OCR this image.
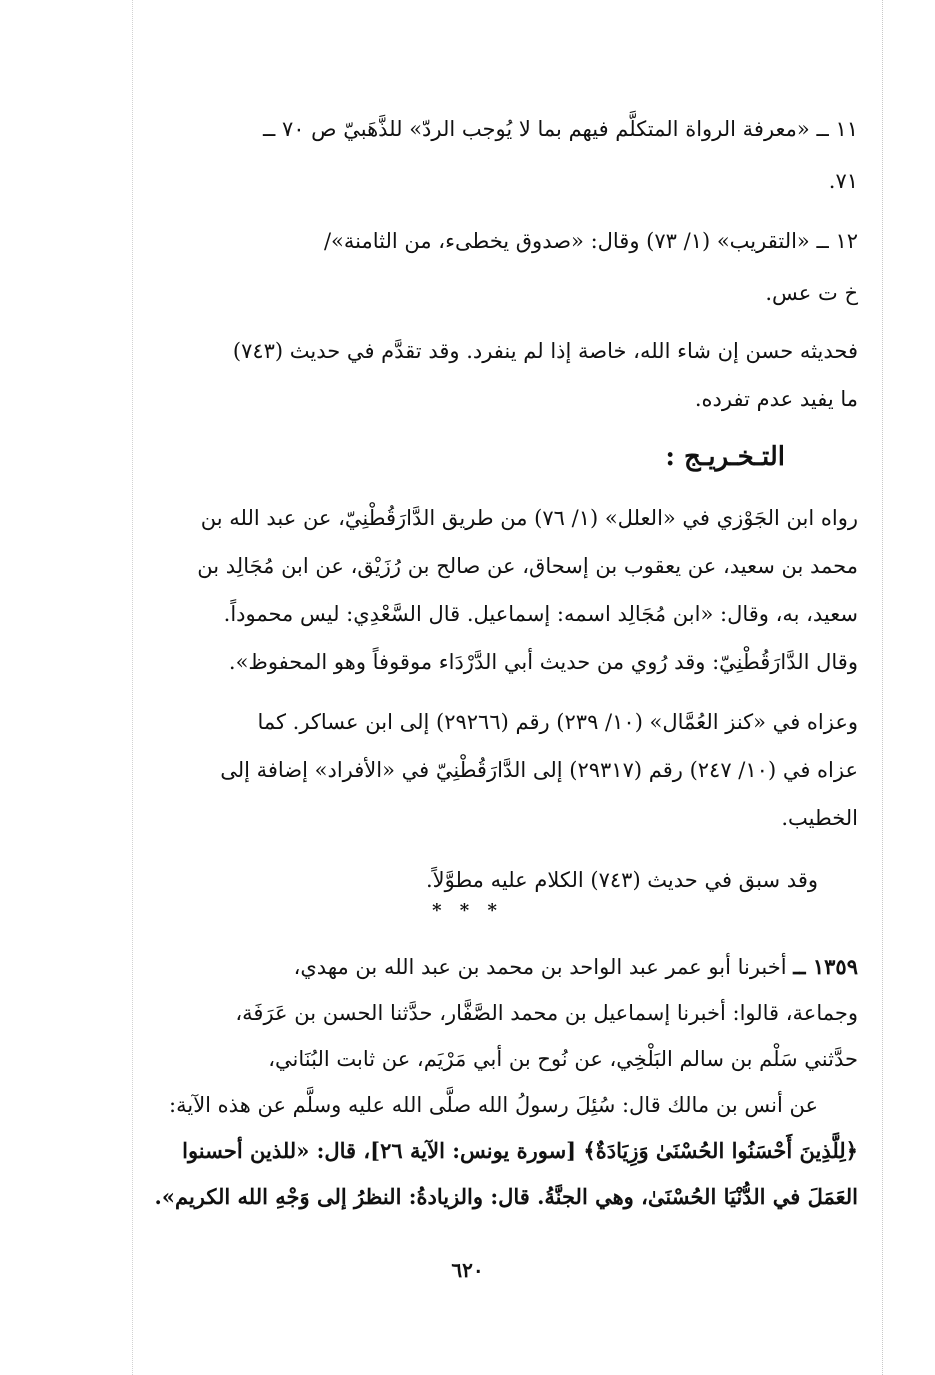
١١ ــ «معرفة الرواة المتكلَّم فيهم بما لا يُوجب الردّ» للذَّهَبيّ ص ٧٠ ــ
٧١.

١٢ ــ «التقريب» (١/ ٧٣) وقال: «صدوق يخطىء، من الثامنة»/
خ ت عس.

فحديثه حسن إن شاء الله، خاصة إذا لم ينفرد. وقد تقدَّم في حديث (٧٤٣)
ما يفيد عدم تفرده.

التـخـريـج :

رواه ابن الجَوْزي في «العلل» (١/ ٧٦) من طريق الدَّارَقُطْنِيّ، عن عبد الله بن
محمد بن سعيد، عن يعقوب بن إسحاق، عن صالح بن رُزَيْق، عن ابن مُجَالِد بن
سعيد، به، وقال: «ابن مُجَالِد اسمه: إسماعيل. قال السَّعْدِي: ليس محموداً.
وقال الدَّارَقُطْنِيّ: وقد رُوي من حديث أبي الدَّرْدَاء موقوفاً وهو المحفوظ».

وعزاه في «كنز العُمَّال» (١٠/ ٢٣٩) رقم (٢٩٢٦٦) إلى ابن عساكر. كما
عزاه في (١٠/ ٢٤٧) رقم (٢٩٣١٧) إلى الدَّارَقُطْنِيّ في «الأفراد» إضافة إلى
الخطيب.

وقد سبق في حديث (٧٤٣) الكلام عليه مطوَّلاً.

* * *

١٣٥٩ ــ أخبرنا أبو عمر عبد الواحد بن محمد بن عبد الله بن مهدي،
وجماعة، قالوا: أخبرنا إسماعيل بن محمد الصَّفَّار، حدَّثنا الحسن بن عَرَفَة،
حدَّثني سَلْم بن سالم البَلْخِي، عن نُوح بن أبي مَرْيَم، عن ثابت البُنَاني،
عن أنس بن مالك قال: سُئِلَ رسولُ الله صلَّى الله عليه وسلَّم عن هذه الآية:
﴿لِلَّذِينَ أَحْسَنُوا الحُسْنَىٰ وَزِيَادَةٌ﴾ [سورة يونس: الآية ٢٦]، قال: «للذين أحسنوا
العَمَلَ في الدُّنْيَا الحُسْنَىٰ، وهي الجنَّةُ. قال: والزيادةُ: النظرُ إلى وَجْهِ الله الكريم».

٦٢٠
